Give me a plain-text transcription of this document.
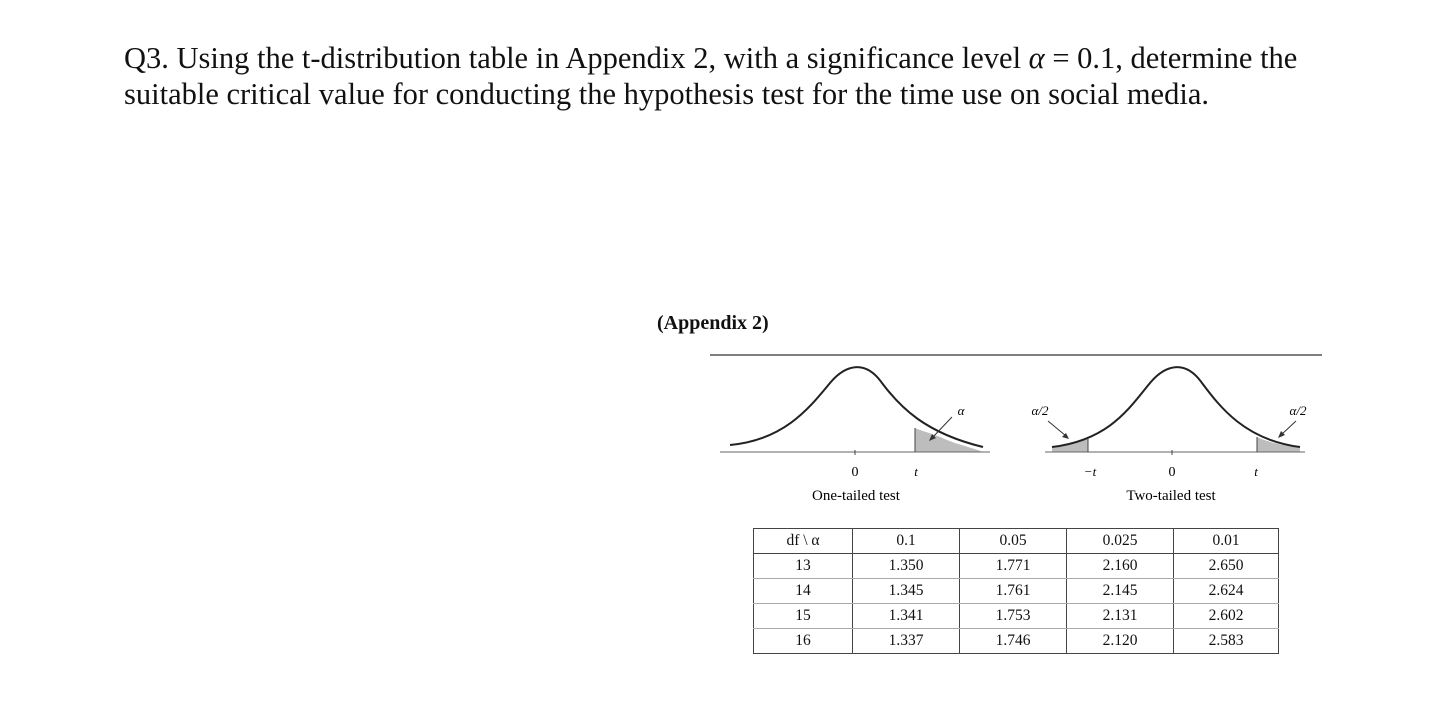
Q3. Using the t-distribution table in Appendix 2, with a significance level α = 0.1, determine the suitable critical value for conducting the hypothesis test for the time use on social media.

(Appendix 2)
0	t
α
One-tailed test
α/2	α/2
−t	0	t
Two-tailed test
df \ α	0.1	0.05	0.025	0.01
13	1.350	1.771	2.160	2.650
14	1.345	1.761	2.145	2.624
15	1.341	1.753	2.131	2.602
16	1.337	1.746	2.120	2.583
